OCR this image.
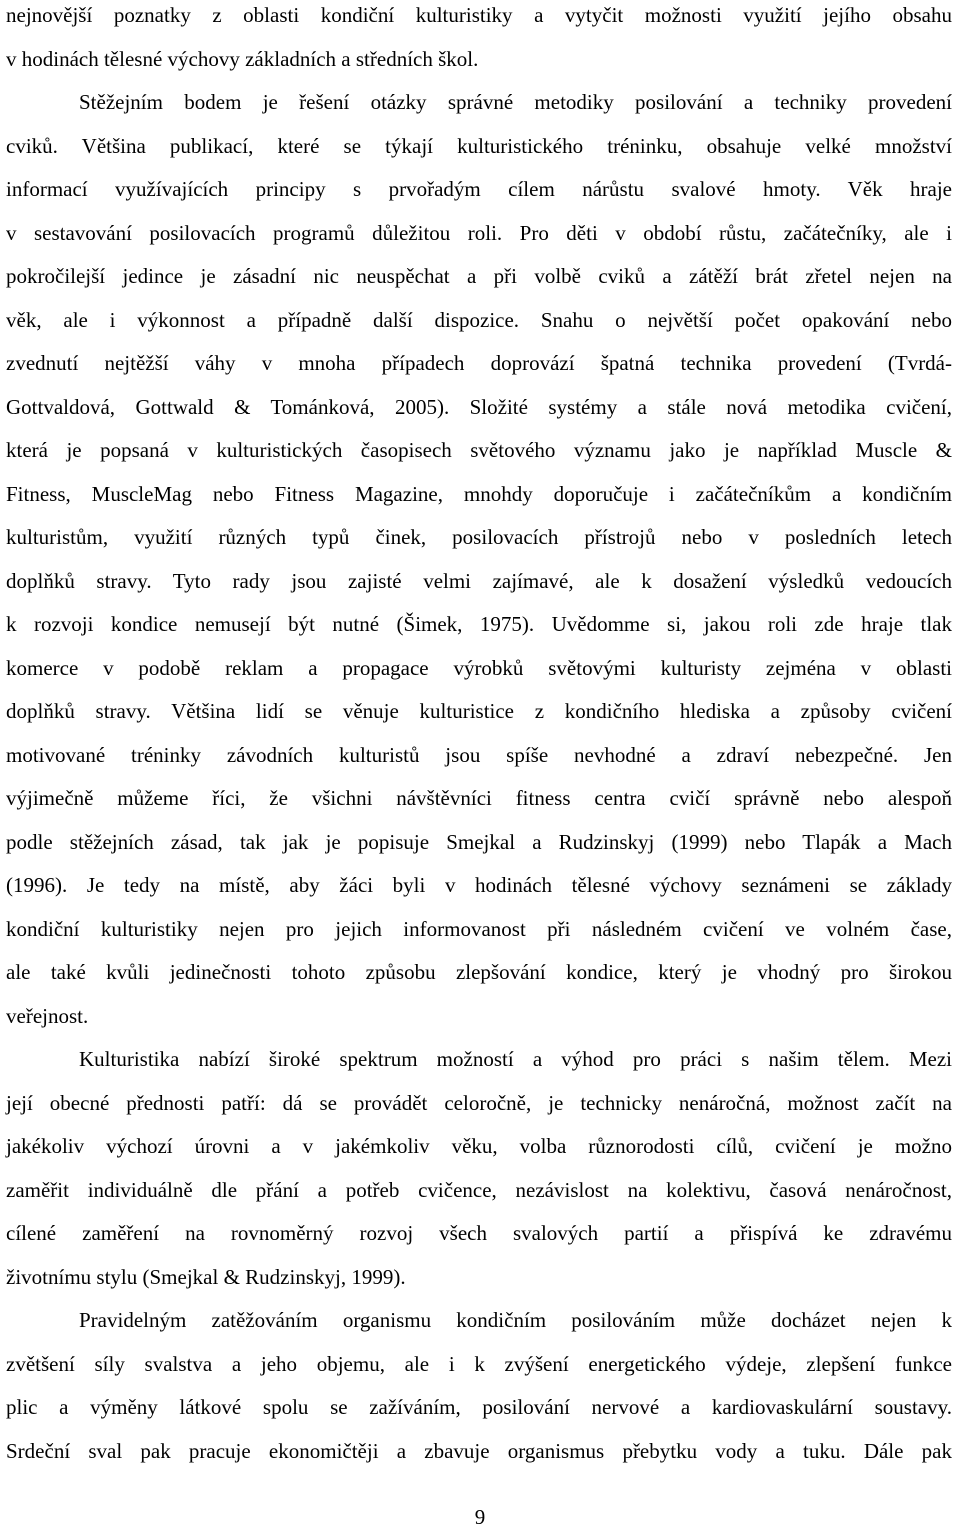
nejnovější poznatky z oblasti kondiční kulturistiky a vytyčit možnosti využití jejího obsahu
v hodinách tělesné výchovy základních a středních škol.
Stěžejním bodem je řešení otázky správné metodiky posilování a techniky provedení
cviků. Většina publikací, které se týkají kulturistického tréninku, obsahuje velké množství
informací využívajících principy s prvořadým cílem nárůstu svalové hmoty. Věk hraje
v sestavování posilovacích programů důležitou roli. Pro děti v období růstu, začátečníky, ale i
pokročilejší jedince je zásadní nic neuspěchat a při volbě cviků a zátěží brát zřetel nejen na
věk, ale i výkonnost a případně další dispozice. Snahu o největší počet opakování nebo
zvednutí nejtěžší váhy v mnoha případech doprovází špatná technika provedení (Tvrdá-
Gottvaldová, Gottwald & Tománková, 2005). Složité systémy a stále nová metodika cvičení,
která je popsaná v kulturistických časopisech světového významu jako je například Muscle &
Fitness, MuscleMag nebo Fitness Magazine, mnohdy doporučuje i začátečníkům a kondičním
kulturistům, využití různých typů činek, posilovacích přístrojů nebo v posledních letech
doplňků stravy. Tyto rady jsou zajisté velmi zajímavé, ale k dosažení výsledků vedoucích
k rozvoji kondice nemusejí být nutné (Šimek, 1975). Uvědomme si, jakou roli zde hraje tlak
komerce v podobě reklam a propagace výrobků světovými kulturisty zejména v oblasti
doplňků stravy. Většina lidí se věnuje kulturistice z kondičního hlediska a způsoby cvičení
motivované tréninky závodních kulturistů jsou spíše nevhodné a zdraví nebezpečné. Jen
výjimečně můžeme říci, že všichni návštěvníci fitness centra cvičí správně nebo alespoň
podle stěžejních zásad, tak jak je popisuje Smejkal a Rudzinskyj (1999) nebo Tlapák a Mach
(1996). Je tedy na místě, aby žáci byli v hodinách tělesné výchovy seznámeni se základy
kondiční kulturistiky nejen pro jejich informovanost při následném cvičení ve volném čase,
ale také kvůli jedinečnosti tohoto způsobu zlepšování kondice, který je vhodný pro širokou
veřejnost.
Kulturistika nabízí široké spektrum možností a výhod pro práci s našim tělem. Mezi
její obecné přednosti patří: dá se provádět celoročně, je technicky nenáročná, možnost začít na
jakékoliv výchozí úrovni a v jakémkoliv věku, volba různorodosti cílů, cvičení je možno
zaměřit individuálně dle přání a potřeb cvičence, nezávislost na kolektivu, časová nenáročnost,
cílené zaměření na rovnoměrný rozvoj všech svalových partií a přispívá ke zdravému
životnímu stylu (Smejkal & Rudzinskyj, 1999).
Pravidelným zatěžováním organismu kondičním posilováním může docházet nejen k
zvětšení síly svalstva a jeho objemu, ale i k zvýšení energetického výdeje, zlepšení funkce
plic a výměny látkové spolu se zažíváním, posilování nervové a kardiovaskulární soustavy.
Srdeční sval pak pracuje ekonomičtěji a zbavuje organismus přebytku vody a tuku. Dále pak
9
